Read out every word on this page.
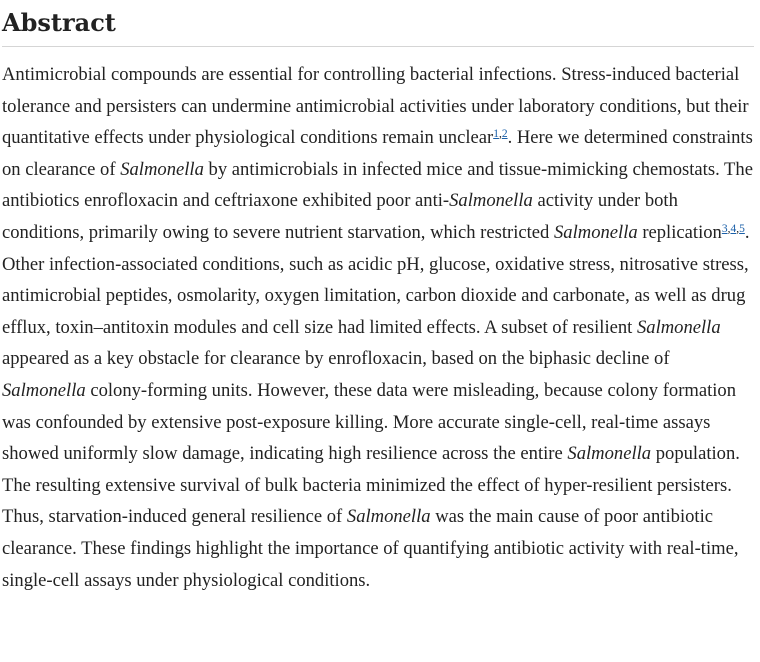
Abstract

Antimicrobial compounds are essential for controlling bacterial infections. Stress-induced bacterial tolerance and persisters can undermine antimicrobial activities under laboratory conditions, but their quantitative effects under physiological conditions remain unclear$^{1,2}$. Here we determined constraints on clearance of Salmonella by antimicrobials in infected mice and tissue-mimicking chemostats. The antibiotics enrofloxacin and ceftriaxone exhibited poor anti-Salmonella activity under both conditions, primarily owing to severe nutrient starvation, which restricted Salmonella replication$^{3,4,5}$. Other infection-associated conditions, such as acidic pH, glucose, oxidative stress, nitrosative stress, antimicrobial peptides, osmolarity, oxygen limitation, carbon dioxide and carbonate, as well as drug efflux, toxin–antitoxin modules and cell size had limited effects. A subset of resilient Salmonella appeared as a key obstacle for clearance by enrofloxacin, based on the biphasic decline of Salmonella colony-forming units. However, these data were misleading, because colony formation was confounded by extensive post-exposure killing. More accurate single-cell, real-time assays showed uniformly slow damage, indicating high resilience across the entire Salmonella population. The resulting extensive survival of bulk bacteria minimized the effect of hyper-resilient persisters. Thus, starvation-induced general resilience of Salmonella was the main cause of poor antibiotic clearance. These findings highlight the importance of quantifying antibiotic activity with real-time, single-cell assays under physiological conditions.
